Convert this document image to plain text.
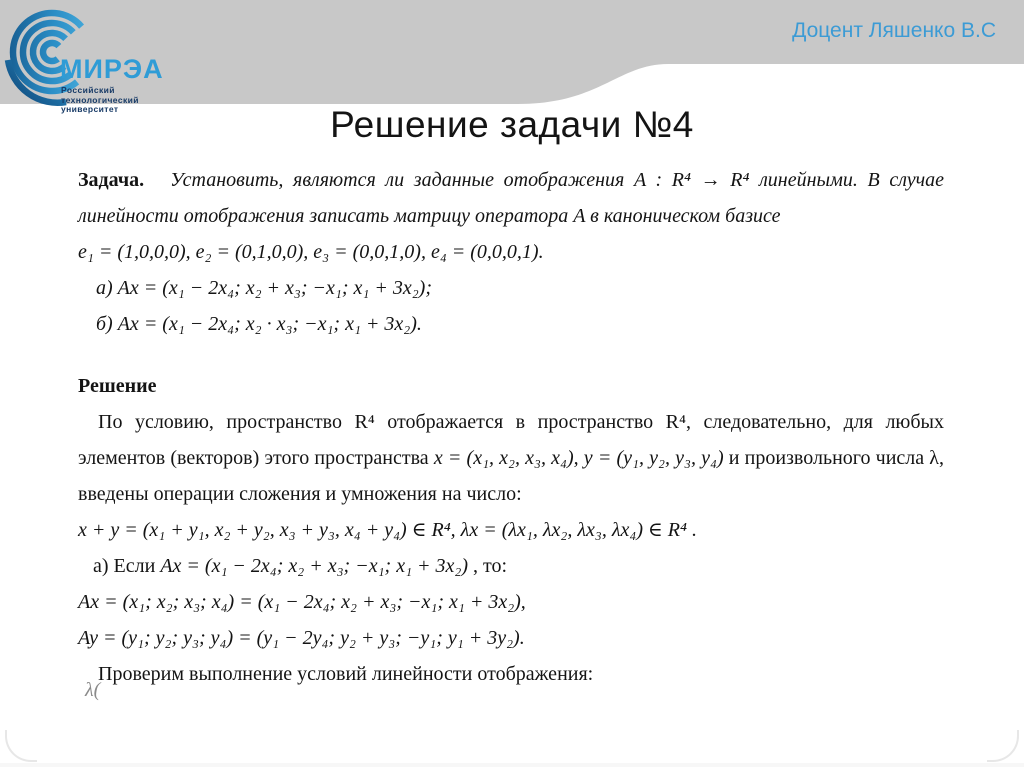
МИРЭА
Российский
технологический
университет
Доцент Ляшенко В.С
Решение задачи №4

Задача. Установить, являются ли заданные отображения A : R⁴ → R⁴ линейными. В случае линейности отображения записать матрицу оператора A в каноническом базисе

e₁ = (1,0,0,0), e₂ = (0,1,0,0), e₃ = (0,0,1,0), e₄ = (0,0,0,1).

а) Ax = (x₁ − 2x₄; x₂ + x₃; −x₁; x₁ + 3x₂);

б) Ax = (x₁ − 2x₄; x₂ · x₃; −x₁; x₁ + 3x₂).

Решение

По условию, пространство R⁴ отображается в пространство R⁴, следовательно, для любых элементов (векторов) этого пространства x = (x₁, x₂, x₃, x₄), y = (y₁, y₂, y₃, y₄) и произвольного числа λ, введены операции сложения и умножения на число:

x + y = (x₁ + y₁, x₂ + y₂, x₃ + y₃, x₄ + y₄) ∈ R⁴, λx = (λx₁, λx₂, λx₃, λx₄) ∈ R⁴ .

а) Если Ax = (x₁ − 2x₄; x₂ + x₃; −x₁; x₁ + 3x₂) , то:

Ax = (x₁; x₂; x₃; x₄) = (x₁ − 2x₄; x₂ + x₃; −x₁; x₁ + 3x₂),

Ay = (y₁; y₂; y₃; y₄) = (y₁ − 2y₄; y₂ + y₃; −y₁; y₁ + 3y₂).

Проверим выполнение условий линейности отображения:

λ(
